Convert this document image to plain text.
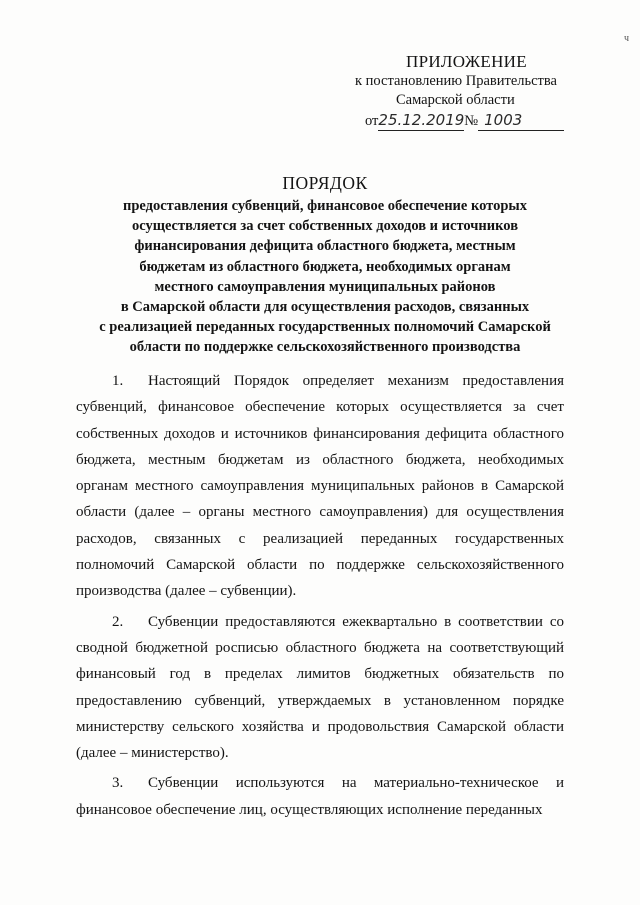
ч
ПРИЛОЖЕНИЕ
к постановлению Правительства
Самарской области
от25.12.2019№ 1003
ПОРЯДОК
предоставления субвенций, финансовое обеспечение которых
осуществляется за счет собственных доходов и источников
финансирования дефицита областного бюджета, местным
бюджетам из областного бюджета, необходимых органам
местного самоуправления муниципальных районов
в Самарской области для осуществления расходов, связанных
с реализацией переданных государственных полномочий Самарской
области по поддержке сельскохозяйственного производства

1. Настоящий Порядок определяет механизм предоставления субвенций, финансовое обеспечение которых осуществляется за счет собственных доходов и источников финансирования дефицита областного бюджета, местным бюджетам из областного бюджета, необходимых органам местного самоуправления муниципальных районов в Самарской области (далее – органы местного самоуправления) для осуществления расходов, связанных с реализацией переданных государственных полномочий Самарской области по поддержке сельскохозяйственного производства (далее – субвенции).

2. Субвенции предоставляются ежеквартально в соответствии со сводной бюджетной росписью областного бюджета на соответствующий финансовый год в пределах лимитов бюджетных обязательств по предоставлению субвенций, утверждаемых в установленном порядке министерству сельского хозяйства и продовольствия Самарской области (далее – министерство).

3. Субвенции используются на материально-техническое и финансовое обеспечение лиц, осуществляющих исполнение переданных
